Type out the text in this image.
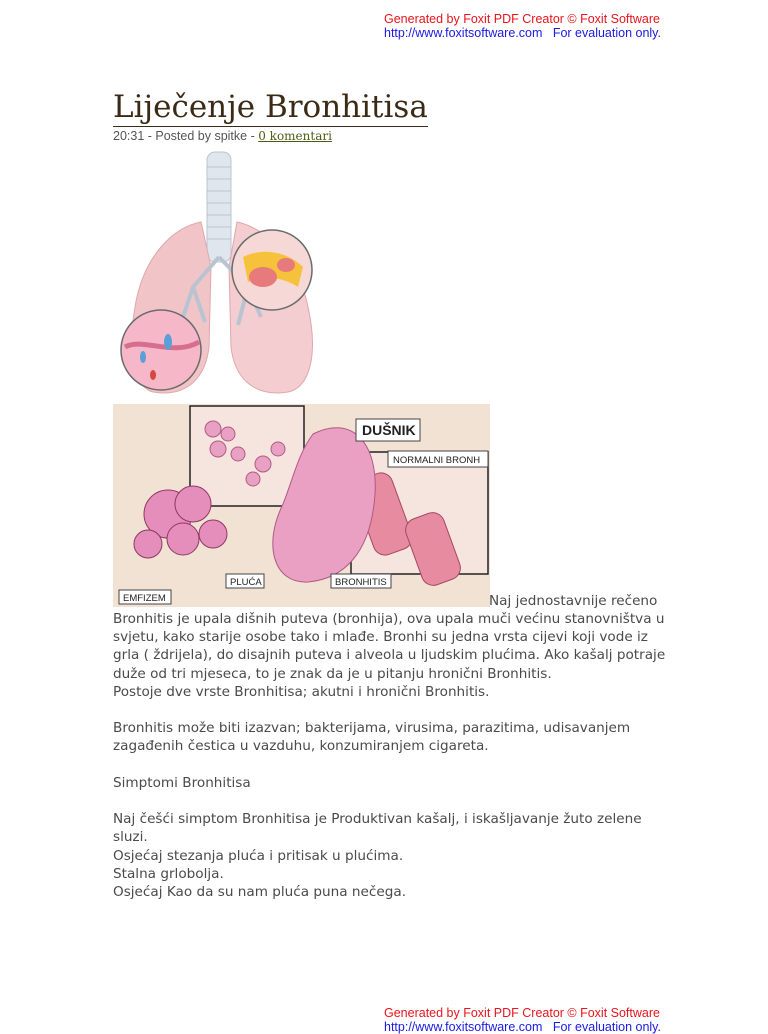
Generated by Foxit PDF Creator © Foxit Software
http://www.foxitsoftware.com For evaluation only.
Liječenje Bronhitisa
20:31 - Posted by spitke - 0 komentari
DUŠNIK
NORMALNI BRONH
EMFIZEM
PLUĆA	BRONHITIS
Naj jednostavnije rečeno

Bronhitis je upala dišnih puteva (bronhija), ova upala muči većinu stanovništva u

svjetu, kako starije osobe tako i mlađe. Bronhi su jedna vrsta cijevi koji vode iz

grla ( ždrijela), do disajnih puteva i alveola u ljudskim plućima. Ako kašalj potraje

duže od tri mjeseca, to je znak da je u pitanju hronični Bronhitis.

Postoje dve vrste Bronhitisa; akutni i hronični Bronhitis.

Bronhitis može biti izazvan; bakterijama, virusima, parazitima, udisavanjem

zagađenih čestica u vazduhu, konzumiranjem cigareta.

Simptomi Bronhitisa

Naj češći simptom Bronhitisa je Produktivan kašalj, i iskašljavanje žuto zelene

sluzi.

Osjećaj stezanja pluća i pritisak u plućima.

Stalna grlobolja.

Osjećaj Kao da su nam pluća puna nečega.

Generated by Foxit PDF Creator © Foxit Software
http://www.foxitsoftware.com For evaluation only.
